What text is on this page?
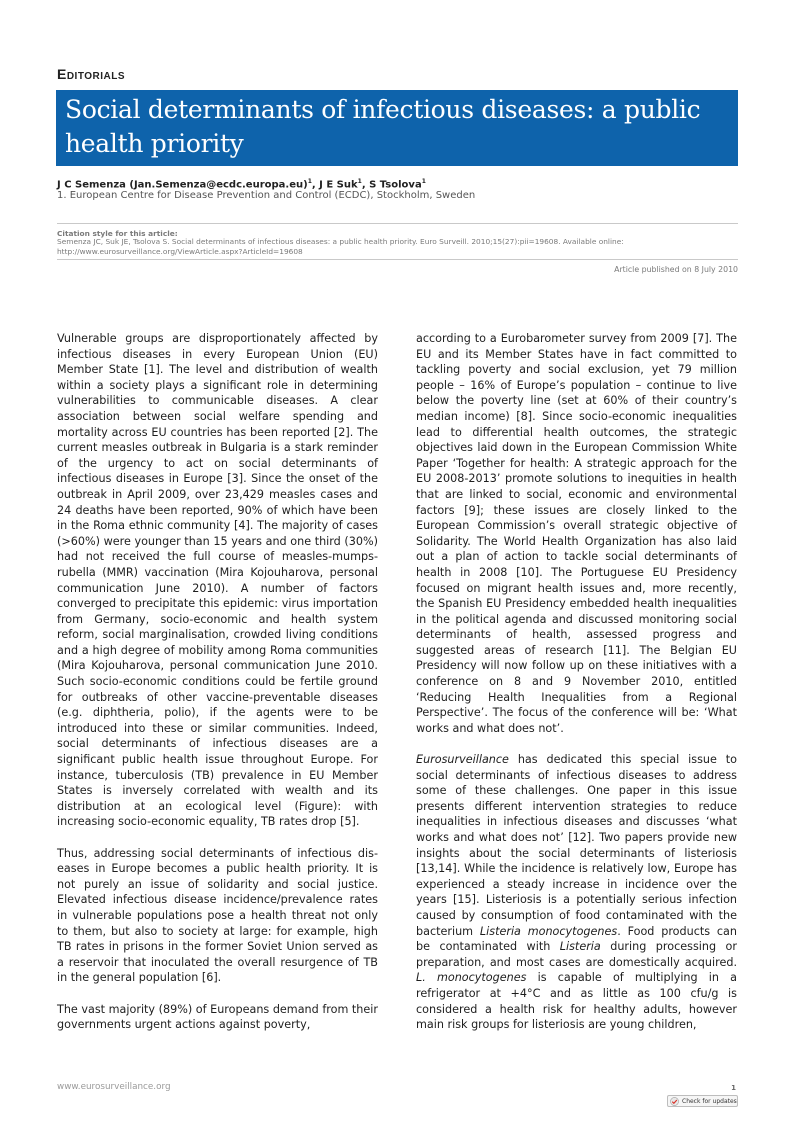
Editorials
Social determinants of infectious diseases: a public health priority
J C Semenza (Jan.Semenza@ecdc.europa.eu)$^1$, J E Suk$^1$, S Tsolova$^1$
1. European Centre for Disease Prevention and Control (ECDC), Stockholm, Sweden
Citation style for this article:
Semenza JC, Suk JE, Tsolova S. Social determinants of infectious diseases: a public health priority. Euro Surveill. 2010;15(27):pii=19608. Available online: http://www.eurosurveillance.org/ViewArticle.aspx?ArticleId=19608
Article published on 8 July 2010

Vulnerable groups are disproportionately affected by infectious diseases in every European Union (EU) Member State [1]. The level and distribution of wealth within a society plays a significant role in determining vulnerabilities to communicable diseases. A clear association between social welfare spending and mortality across EU countries has been reported [2]. The current measles outbreak in Bulgaria is a stark reminder of the urgency to act on social determinants of infectious diseases in Europe [3]. Since the onset of the outbreak in April 2009, over 23,429 measles cases and 24 deaths have been reported, 90% of which have been in the Roma ethnic community [4]. The majority of cases (>60%) were younger than 15 years and one third (30%) had not received the full course of measles-mumps-rubella (MMR) vaccination (Mira Kojouharova, personal communication June 2010). A number of factors converged to precipitate this epidemic: virus importation from Germany, socio-economic and health system reform, social marginalisation, crowded living conditions and a high degree of mobility among Roma communities (Mira Kojouharova, personal communication June 2010. Such socio-economic conditions could be fertile ground for outbreaks of other vaccine-preventable diseases (e.g. diphtheria, polio), if the agents were to be introduced into these or similar communities. Indeed, social determinants of infectious diseases are a significant public health issue throughout Europe. For instance, tuberculosis (TB) prevalence in EU Member States is inversely correlated with wealth and its distribution at an ecological level (Figure): with increasing socio-economic equality, TB rates drop [5].

Thus, addressing social determinants of infectious diseases in Europe becomes a public health priority. It is not purely an issue of solidarity and social justice. Elevated infectious disease incidence/prevalence rates in vulnerable populations pose a health threat not only to them, but also to society at large: for example, high TB rates in prisons in the former Soviet Union served as a reservoir that inoculated the overall resurgence of TB in the general population [6].

The vast majority (89%) of Europeans demand from their governments urgent actions against poverty,

according to a Eurobarometer survey from 2009 [7]. The EU and its Member States have in fact committed to tackling poverty and social exclusion, yet 79 million people – 16% of Europe’s population – continue to live below the poverty line (set at 60% of their country’s median income) [8]. Since socio-economic inequalities lead to differential health outcomes, the strategic objectives laid down in the European Commission White Paper ‘Together for health: A strategic approach for the EU 2008-2013’ promote solutions to inequities in health that are linked to social, economic and environmental factors [9]; these issues are closely linked to the European Commission’s overall strategic objective of Solidarity. The World Health Organization has also laid out a plan of action to tackle social determinants of health in 2008 [10]. The Portuguese EU Presidency focused on migrant health issues and, more recently, the Spanish EU Presidency embedded health inequalities in the political agenda and discussed monitoring social determinants of health, assessed progress and suggested areas of research [11]. The Belgian EU Presidency will now follow up on these initiatives with a conference on 8 and 9 November 2010, entitled ‘Reducing Health Inequalities from a Regional Perspective’. The focus of the conference will be: ‘What works and what does not’.

Eurosurveillance has dedicated this special issue to social determinants of infectious diseases to address some of these challenges. One paper in this issue presents different intervention strategies to reduce inequalities in infectious diseases and discusses ‘what works and what does not’ [12]. Two papers provide new insights about the social determinants of listeriosis [13,14]. While the incidence is relatively low, Europe has experienced a steady increase in incidence over the years [15]. Listeriosis is a potentially serious infection caused by consumption of food contaminated with the bacterium Listeria monocytogenes. Food products can be contaminated with Listeria during processing or preparation, and most cases are domestically acquired. L. monocytogenes is capable of multiplying in a refrigerator at +4°C and as little as 100 cfu/g is considered a health risk for healthy adults, however main risk groups for listeriosis are young children,

www.eurosurveillance.org	1
Check for updates
